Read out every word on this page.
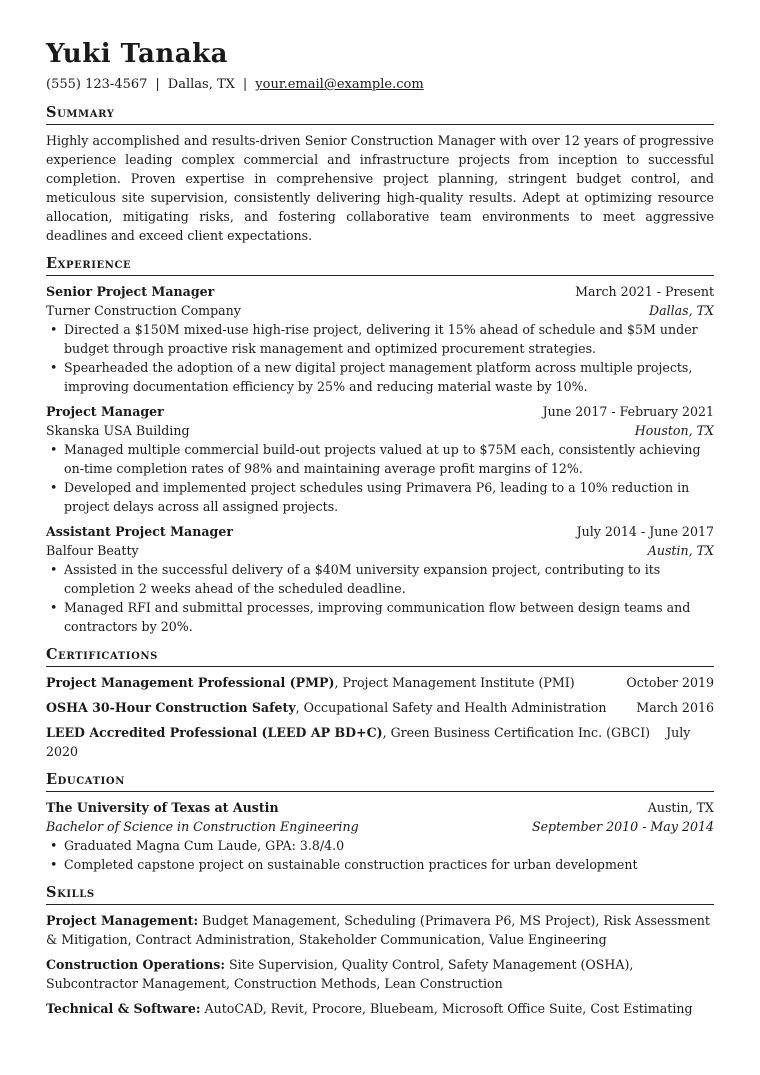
Yuki Tanaka
(555) 123-4567 | Dallas, TX | your.email@example.com
Summary

Highly accomplished and results-driven Senior Construction Manager with over 12 years of progressive experience leading complex commercial and infrastructure projects from inception to successful completion. Proven expertise in comprehensive project planning, stringent budget control, and meticulous site supervision, consistently delivering high-quality results. Adept at optimizing resource allocation, mitigating risks, and fostering collaborative team environments to meet aggressive deadlines and exceed client expectations.

Experience
Senior Project Manager	March 2021 - Present
Turner Construction Company	Dallas, TX
• Directed a $150M mixed-use high-rise project, delivering it 15% ahead of schedule and $5M under budget through proactive risk management and optimized procurement strategies.
• Spearheaded the adoption of a new digital project management platform across multiple projects, improving documentation efficiency by 25% and reducing material waste by 10%.
Project Manager	June 2017 - February 2021
Skanska USA Building	Houston, TX
• Managed multiple commercial build-out projects valued at up to $75M each, consistently achieving on-time completion rates of 98% and maintaining average profit margins of 12%.
• Developed and implemented project schedules using Primavera P6, leading to a 10% reduction in project delays across all assigned projects.
Assistant Project Manager	July 2014 - June 2017
Balfour Beatty	Austin, TX
• Assisted in the successful delivery of a $40M university expansion project, contributing to its completion 2 weeks ahead of the scheduled deadline.
• Managed RFI and submittal processes, improving communication flow between design teams and contractors by 20%.
Certifications
Project Management Professional (PMP), Project Management Institute (PMI)	October 2019
OSHA 30-Hour Construction Safety, Occupational Safety and Health Administration March 2016
LEED Accredited Professional (LEED AP BD+C), Green Business Certification Inc. (GBCI) July 2020
Education
The University of Texas at Austin	Austin, TX
Bachelor of Science in Construction Engineering	September 2010 - May 2014
• Graduated Magna Cum Laude, GPA: 3.8/4.0
• Completed capstone project on sustainable construction practices for urban development
Skills
Project Management: Budget Management, Scheduling (Primavera P6, MS Project), Risk Assessment & Mitigation, Contract Administration, Stakeholder Communication, Value Engineering
Construction Operations: Site Supervision, Quality Control, Safety Management (OSHA), Subcontractor Management, Construction Methods, Lean Construction
Technical & Software: AutoCAD, Revit, Procore, Bluebeam, Microsoft Office Suite, Cost Estimating
